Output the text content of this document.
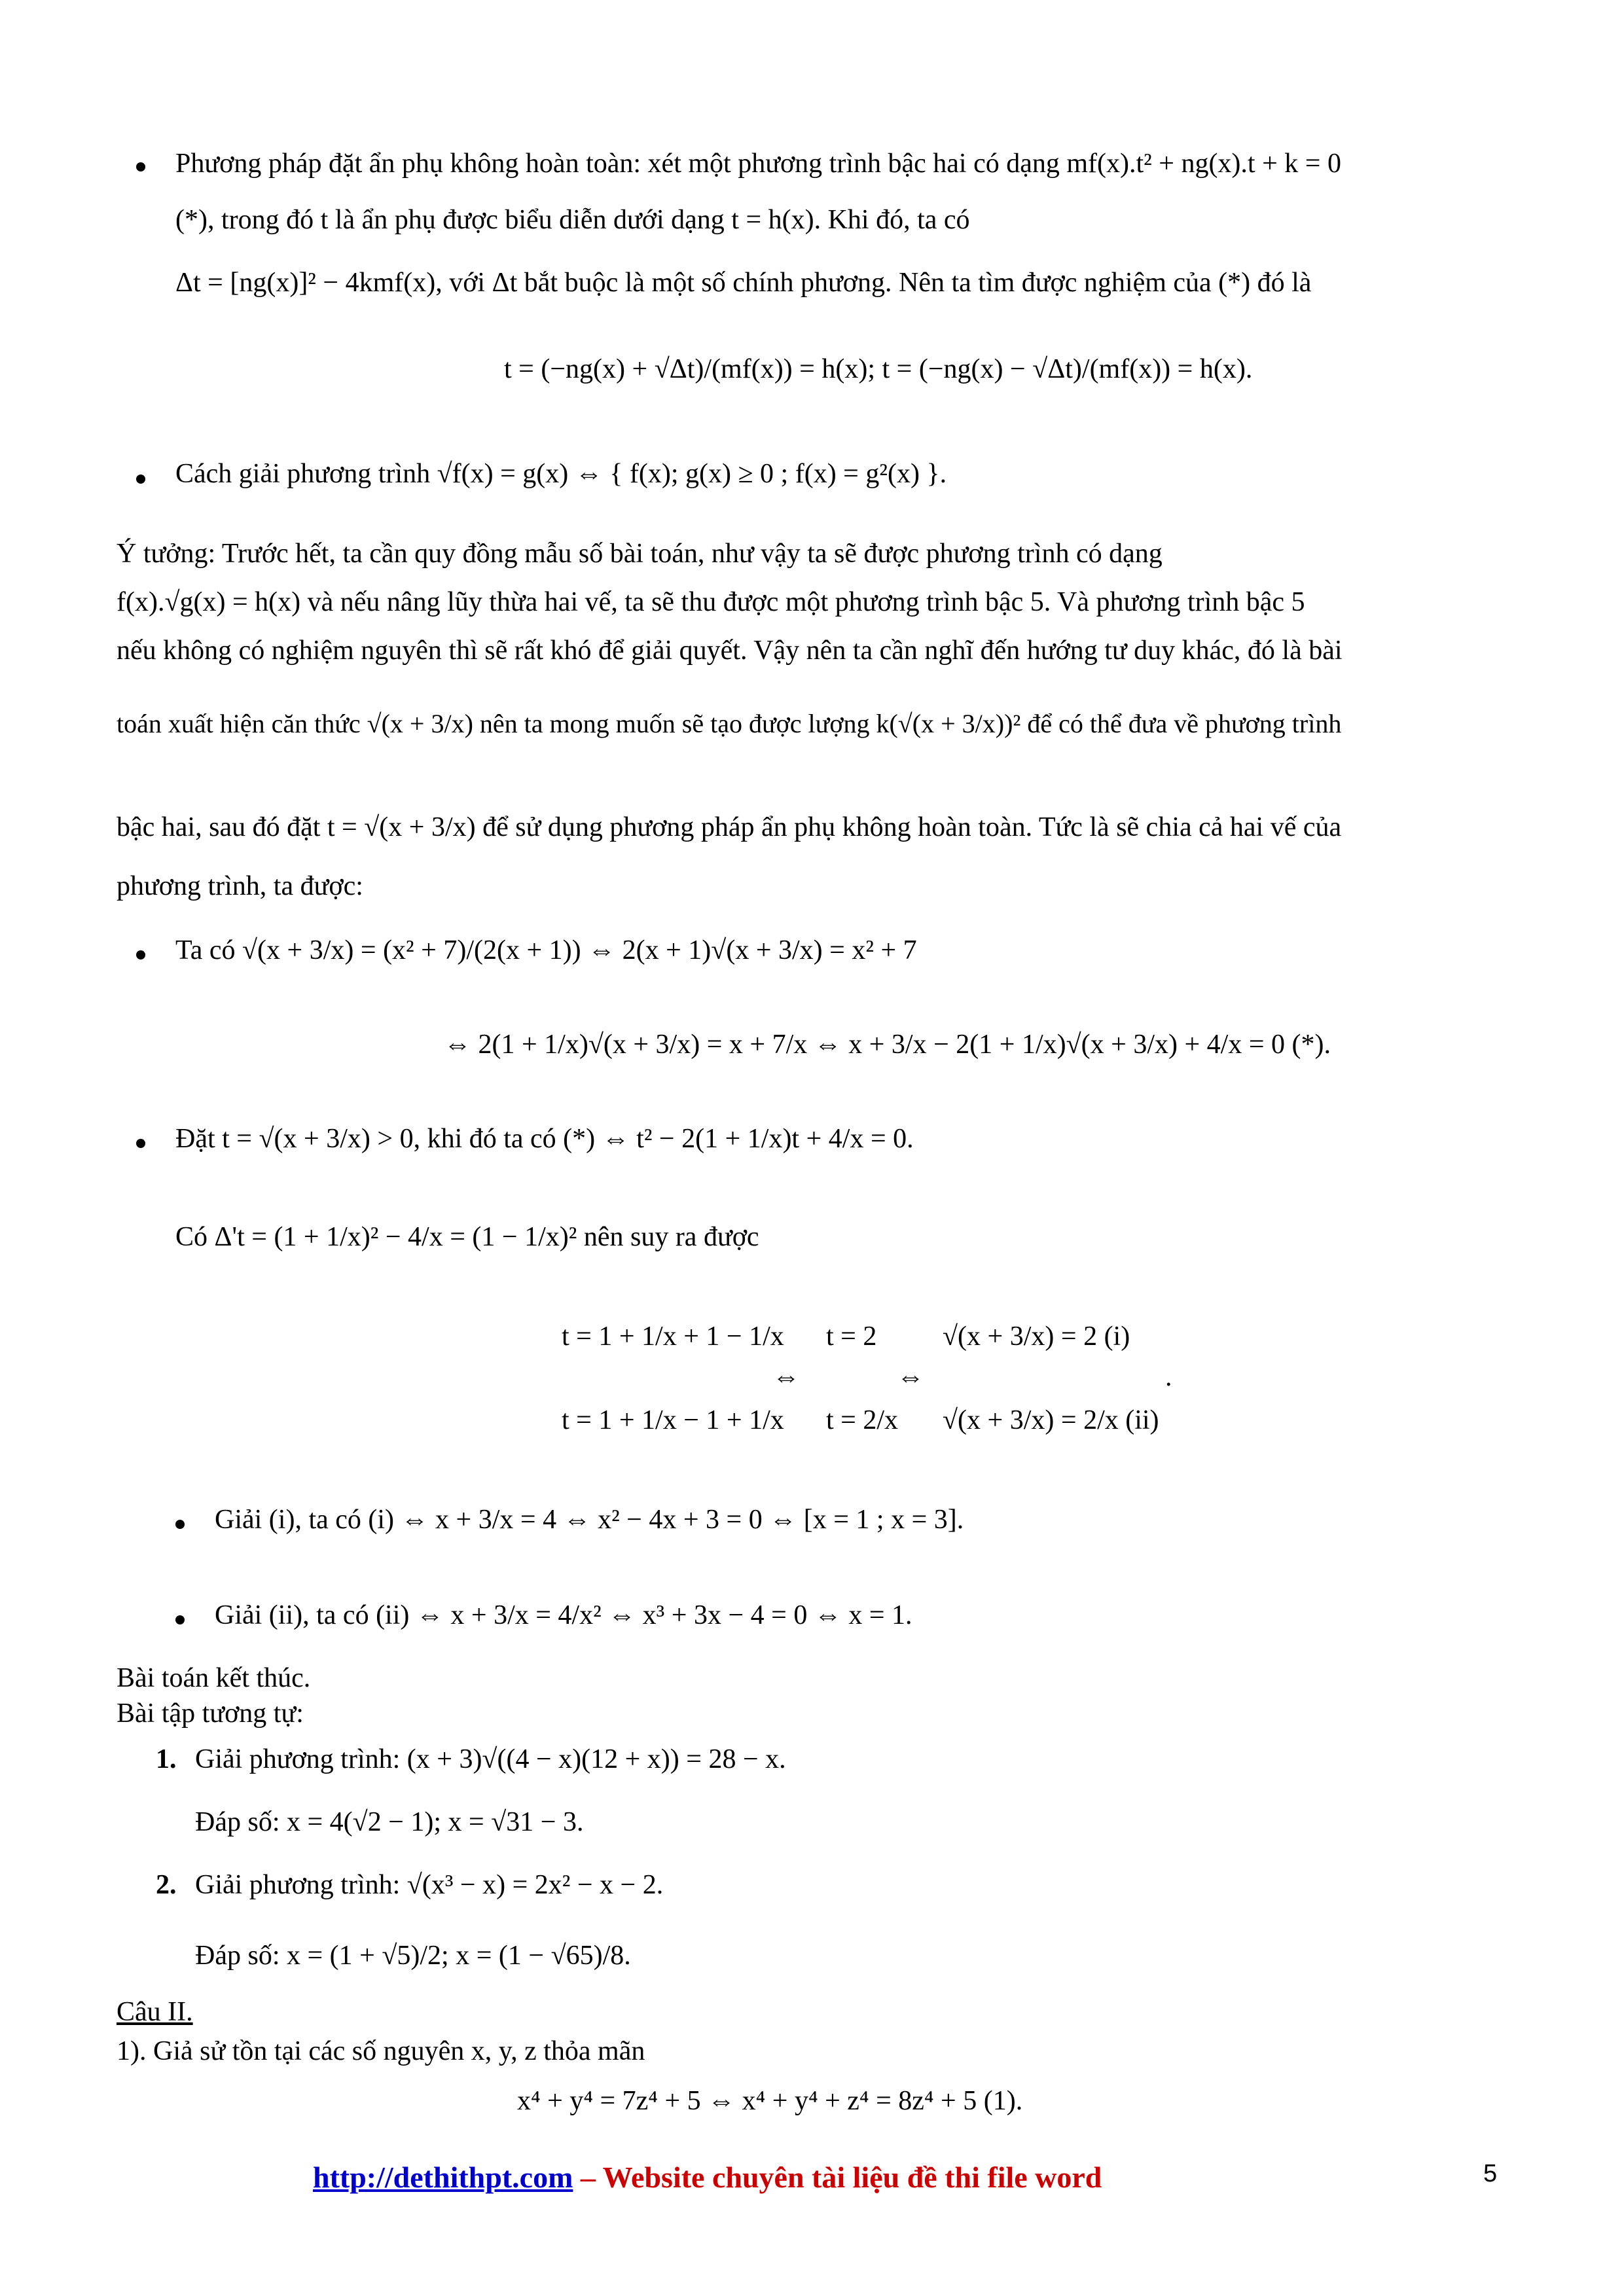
Phương pháp đặt ẩn phụ không hoàn toàn: xét một phương trình bậc hai có dạng mf(x).t² + ng(x).t + k = 0
(*), trong đó t là ẩn phụ được biểu diễn dưới dạng t = h(x). Khi đó, ta có
Δt = [ng(x)]² − 4kmf(x), với Δt bắt buộc là một số chính phương. Nên ta tìm được nghiệm của (*) đó là
t = (−ng(x) + √Δt)/(mf(x)) = h(x); t = (−ng(x) − √Δt)/(mf(x)) = h(x).
Cách giải phương trình √f(x) = g(x) ⇔ { f(x); g(x) ≥ 0 ; f(x) = g²(x) }.
Ý tưởng: Trước hết, ta cần quy đồng mẫu số bài toán, như vậy ta sẽ được phương trình có dạng
f(x).√g(x) = h(x) và nếu nâng lũy thừa hai vế, ta sẽ thu được một phương trình bậc 5. Và phương trình bậc 5
nếu không có nghiệm nguyên thì sẽ rất khó để giải quyết. Vậy nên ta cần nghĩ đến hướng tư duy khác, đó là bài
toán xuất hiện căn thức √(x + 3/x) nên ta mong muốn sẽ tạo được lượng k(√(x + 3/x))² để có thể đưa về phương trình
bậc hai, sau đó đặt t = √(x + 3/x) để sử dụng phương pháp ẩn phụ không hoàn toàn. Tức là sẽ chia cả hai vế của
phương trình, ta được:
Ta có √(x + 3/x) = (x² + 7)/(2(x + 1)) ⇔ 2(x + 1)√(x + 3/x) = x² + 7
⇔ 2(1 + 1/x)√(x + 3/x) = x + 7/x ⇔ x + 3/x − 2(1 + 1/x)√(x + 3/x) + 4/x = 0 (*).
Đặt t = √(x + 3/x) > 0, khi đó ta có (*) ⇔ t² − 2(1 + 1/x)t + 4/x = 0.
Có Δ't = (1 + 1/x)² − 4/x = (1 − 1/x)² nên suy ra được
t = 1 + 1/x + 1 − 1/x
t = 1 + 1/x − 1 + 1/x
⇔
t = 2
t = 2/x
⇔
√(x + 3/x) = 2 (i)
√(x + 3/x) = 2/x (ii)
.
Giải (i), ta có (i) ⇔ x + 3/x = 4 ⇔ x² − 4x + 3 = 0 ⇔ [x = 1 ; x = 3].
Giải (ii), ta có (ii) ⇔ x + 3/x = 4/x² ⇔ x³ + 3x − 4 = 0 ⇔ x = 1.
Bài toán kết thúc.
Bài tập tương tự:
1. Giải phương trình: (x + 3)√((4 − x)(12 + x)) = 28 − x.
Đáp số: x = 4(√2 − 1); x = √31 − 3.
2. Giải phương trình: √(x³ − x) = 2x² − x − 2.
Đáp số: x = (1 + √5)/2; x = (1 − √65)/8.
Câu II.
1). Giả sử tồn tại các số nguyên x, y, z thỏa mãn
x⁴ + y⁴ = 7z⁴ + 5 ⇔ x⁴ + y⁴ + z⁴ = 8z⁴ + 5 (1).
http://dethithpt.com – Website chuyên tài liệu đề thi file word	5
